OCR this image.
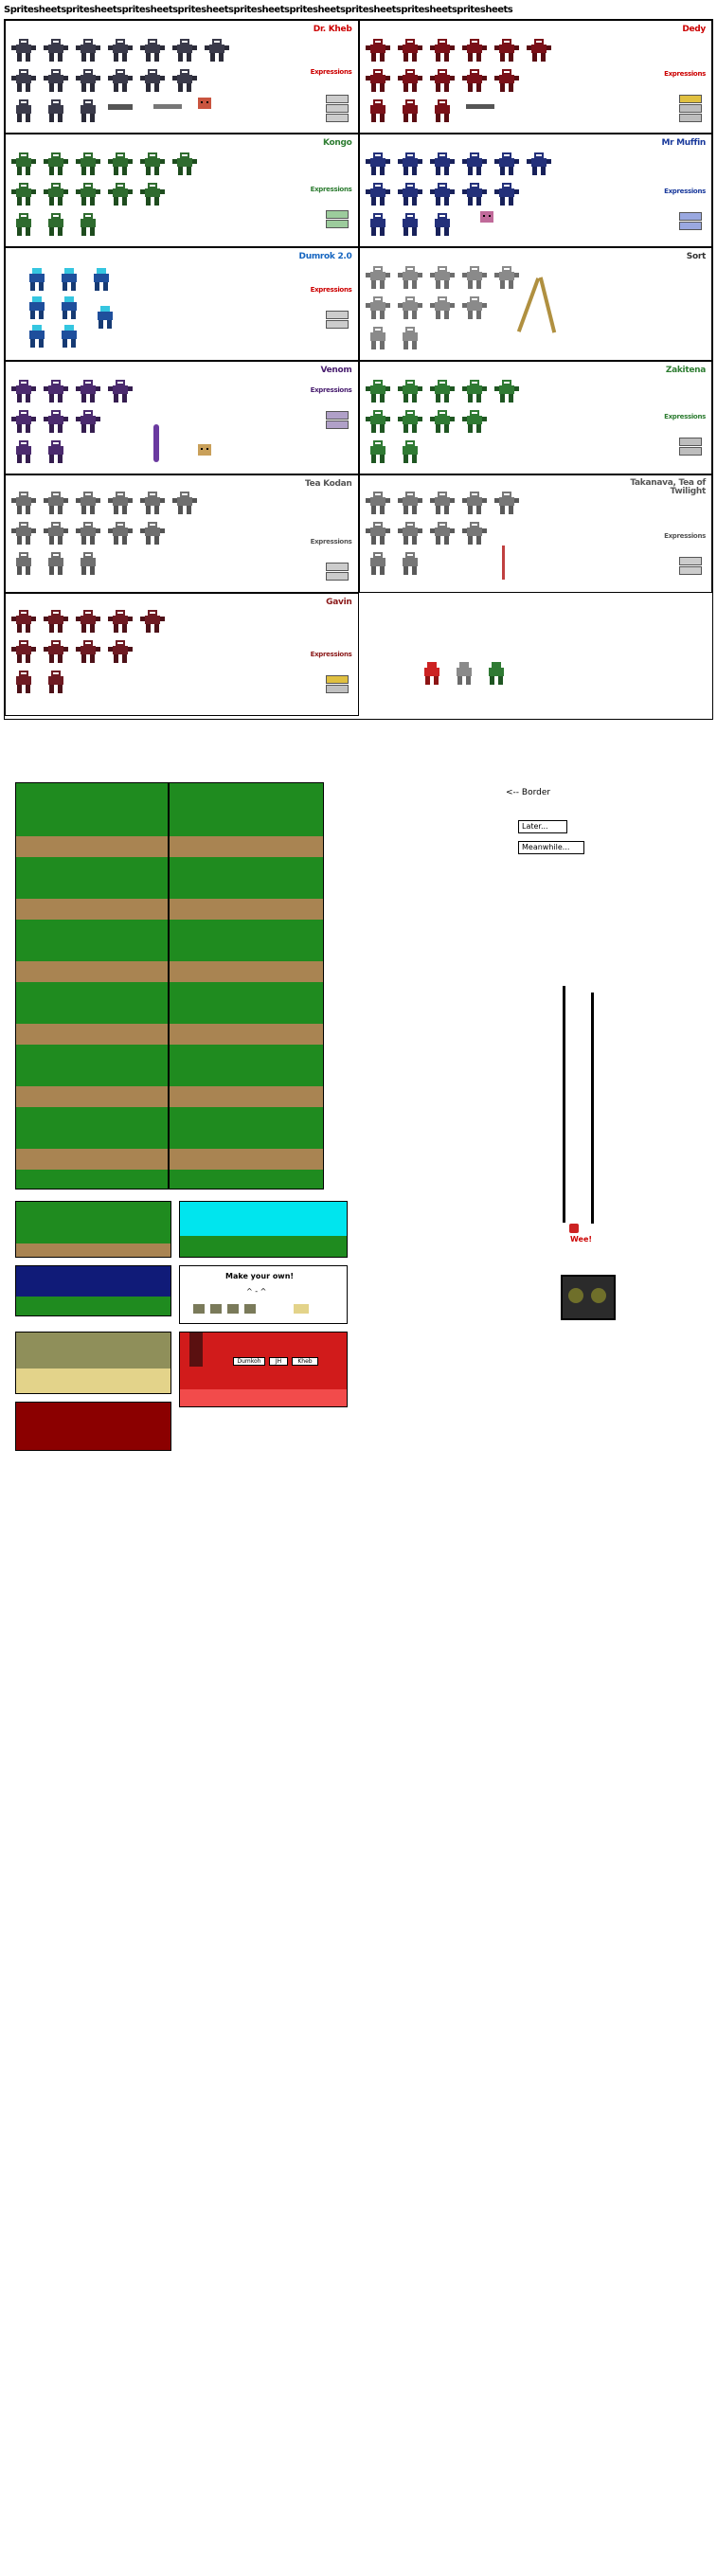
Spritesheetspritesheetspritesheetspritesheetspritesheetspritesheetspritesheetspritesheetspritesheets
Dr. Kheb
Expressions
Dedy
Expressions
Kongo
Expressions
Mr Muffin
Expressions
Dumrok 2.0
Expressions
Sort
Venom
Expressions
Zakitena
Expressions
Tea Kodan
Expressions
Takanava, Tea of Twilight
Expressions
Gavin
Expressions
<-- Border
Later...
Meanwhile...
Wee!
Make your own!
^ - ^
Dumkoh	JH	Kheb
